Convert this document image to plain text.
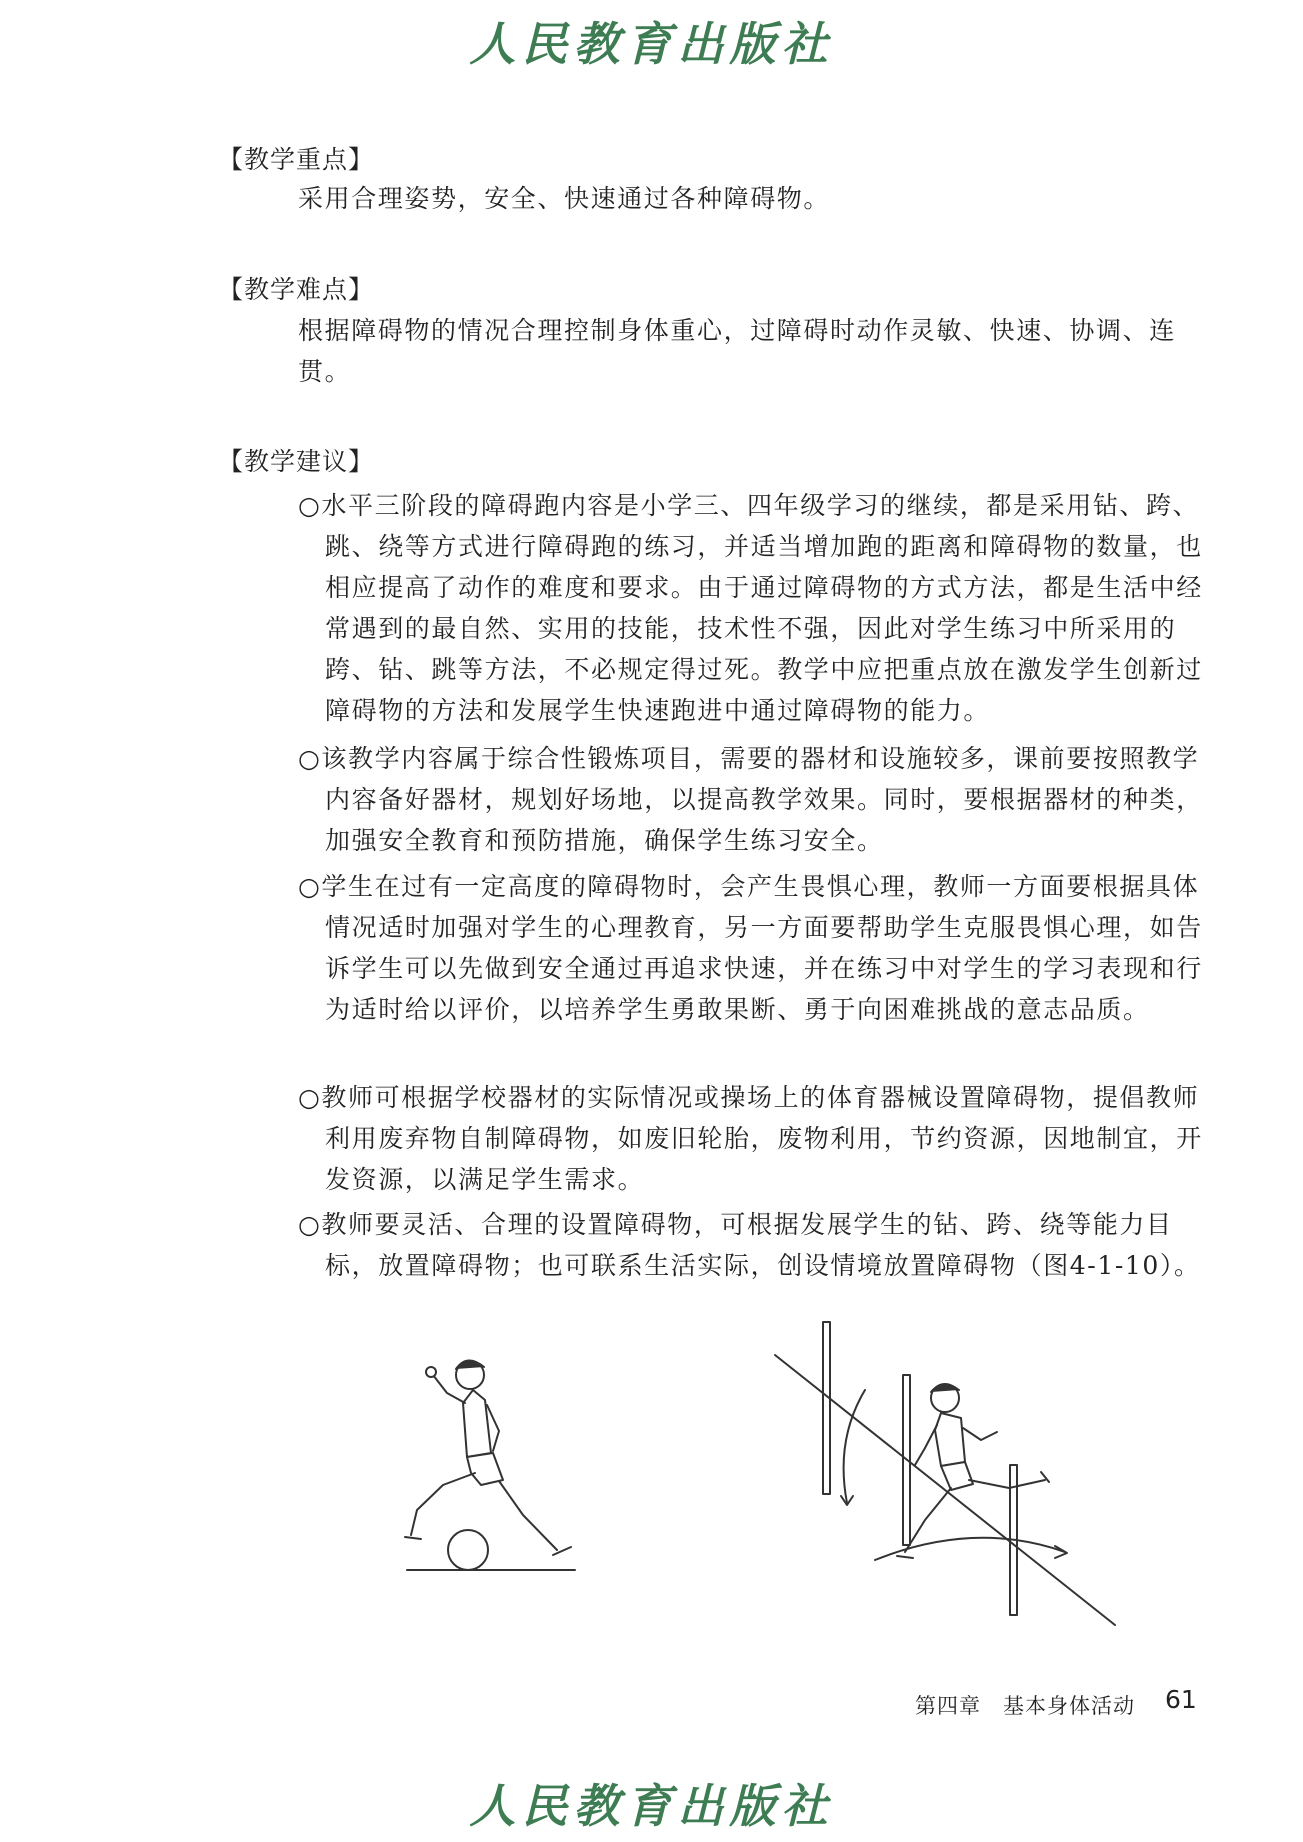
人民教育出版社
【教学重点】
采用合理姿势，安全、快速通过各种障碍物。
【教学难点】
根据障碍物的情况合理控制身体重心，过障碍时动作灵敏、快速、协调、连贯。
【教学建议】
○水平三阶段的障碍跑内容是小学三、四年级学习的继续，都是采用钻、跨、跳、绕等方式进行障碍跑的练习，并适当增加跑的距离和障碍物的数量，也相应提高了动作的难度和要求。由于通过障碍物的方式方法，都是生活中经常遇到的最自然、实用的技能，技术性不强，因此对学生练习中所采用的跨、钻、跳等方法，不必规定得过死。教学中应把重点放在激发学生创新过障碍物的方法和发展学生快速跑进中通过障碍物的能力。
○该教学内容属于综合性锻炼项目，需要的器材和设施较多，课前要按照教学内容备好器材，规划好场地，以提高教学效果。同时，要根据器材的种类，加强安全教育和预防措施，确保学生练习安全。
○学生在过有一定高度的障碍物时，会产生畏惧心理，教师一方面要根据具体情况适时加强对学生的心理教育，另一方面要帮助学生克服畏惧心理，如告诉学生可以先做到安全通过再追求快速，并在练习中对学生的学习表现和行为适时给以评价，以培养学生勇敢果断、勇于向困难挑战的意志品质。
○教师可根据学校器材的实际情况或操场上的体育器械设置障碍物，提倡教师利用废弃物自制障碍物，如废旧轮胎，废物利用，节约资源，因地制宜，开发资源，以满足学生需求。
○教师要灵活、合理的设置障碍物，可根据发展学生的钻、跨、绕等能力目标，放置障碍物；也可联系生活实际，创设情境放置障碍物（图4-1-10）。
第四章　基本身体活动 61
人民教育出版社
